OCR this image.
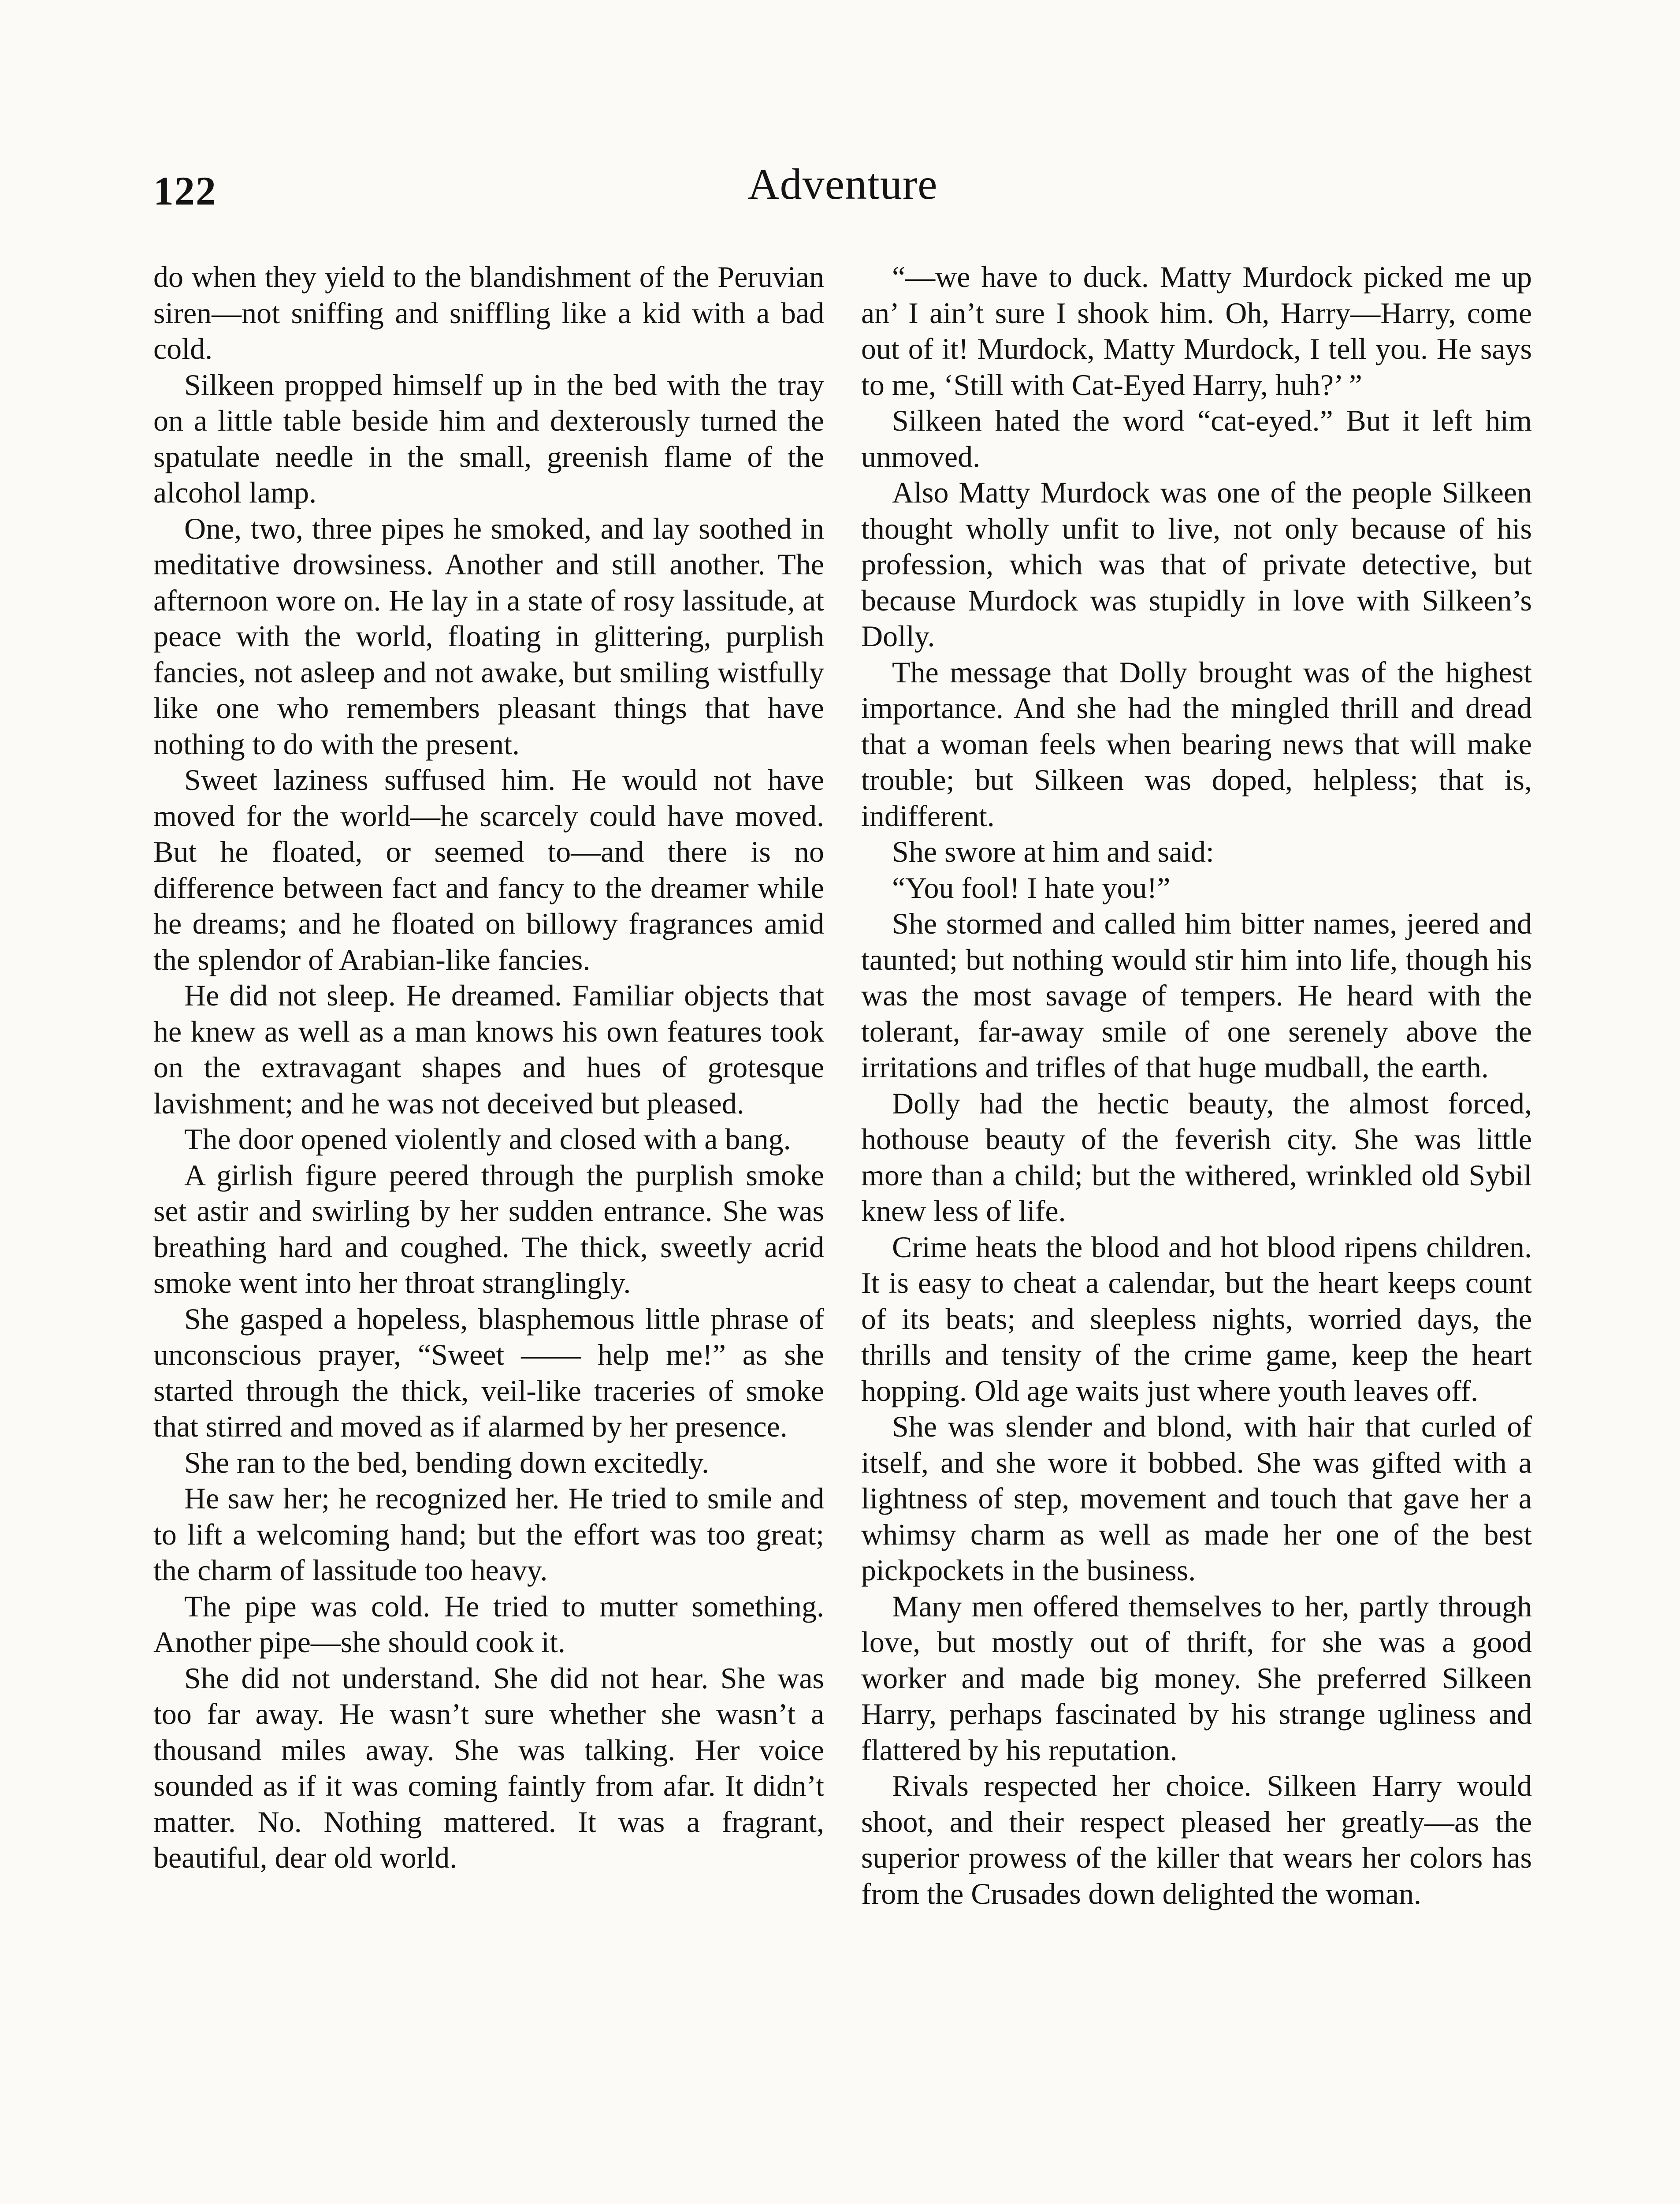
122	Adventure

do when they yield to the blandishment of the Peruvian siren—not sniffing and sniffling like a kid with a bad cold.

Silkeen propped himself up in the bed with the tray on a little table beside him and dexterously turned the spatulate needle in the small, greenish flame of the alcohol lamp.

One, two, three pipes he smoked, and lay soothed in meditative drowsiness. Another and still another. The afternoon wore on. He lay in a state of rosy lassitude, at peace with the world, floating in glittering, purplish fancies, not asleep and not awake, but smiling wistfully like one who remembers pleasant things that have nothing to do with the present.

Sweet laziness suffused him. He would not have moved for the world—he scarcely could have moved. But he floated, or seemed to—and there is no difference between fact and fancy to the dreamer while he dreams; and he floated on billowy fragrances amid the splendor of Arabian-like fancies.

He did not sleep. He dreamed. Familiar objects that he knew as well as a man knows his own features took on the extravagant shapes and hues of grotesque lavishment; and he was not deceived but pleased.

The door opened violently and closed with a bang.

A girlish figure peered through the purplish smoke set astir and swirling by her sudden entrance. She was breathing hard and coughed. The thick, sweetly acrid smoke went into her throat stranglingly.

She gasped a hopeless, blasphemous little phrase of unconscious prayer, “Sweet —— help me!” as she started through the thick, veil-like traceries of smoke that stirred and moved as if alarmed by her presence.

She ran to the bed, bending down excitedly.

He saw her; he recognized her. He tried to smile and to lift a welcoming hand; but the effort was too great; the charm of lassitude too heavy.

The pipe was cold. He tried to mutter something. Another pipe—she should cook it.

She did not understand. She did not hear. She was too far away. He wasn’t sure whether she wasn’t a thousand miles away. She was talking. Her voice sounded as if it was coming faintly from afar. It didn’t matter. No. Nothing mattered. It was a fragrant, beautiful, dear old world.

“—we have to duck. Matty Murdock picked me up an’ I ain’t sure I shook him. Oh, Harry—Harry, come out of it! Murdock, Matty Murdock, I tell you. He says to me, ‘Still with Cat-Eyed Harry, huh?’ ”

Silkeen hated the word “cat-eyed.” But it left him unmoved.

Also Matty Murdock was one of the people Silkeen thought wholly unfit to live, not only because of his profession, which was that of private detective, but because Murdock was stupidly in love with Silkeen’s Dolly.

The message that Dolly brought was of the highest importance. And she had the mingled thrill and dread that a woman feels when bearing news that will make trouble; but Silkeen was doped, helpless; that is, indifferent.

She swore at him and said:

“You fool! I hate you!”

She stormed and called him bitter names, jeered and taunted; but nothing would stir him into life, though his was the most savage of tempers. He heard with the tolerant, far-away smile of one serenely above the irritations and trifles of that huge mudball, the earth.

Dolly had the hectic beauty, the almost forced, hothouse beauty of the feverish city. She was little more than a child; but the withered, wrinkled old Sybil knew less of life.

Crime heats the blood and hot blood ripens children. It is easy to cheat a calendar, but the heart keeps count of its beats; and sleepless nights, worried days, the thrills and tensity of the crime game, keep the heart hopping. Old age waits just where youth leaves off.

She was slender and blond, with hair that curled of itself, and she wore it bobbed. She was gifted with a lightness of step, movement and touch that gave her a whimsy charm as well as made her one of the best pickpockets in the business.

Many men offered themselves to her, partly through love, but mostly out of thrift, for she was a good worker and made big money. She preferred Silkeen Harry, perhaps fascinated by his strange ugliness and flattered by his reputation.

Rivals respected her choice. Silkeen Harry would shoot, and their respect pleased her greatly—as the superior prowess of the killer that wears her colors has from the Crusades down delighted the woman.
